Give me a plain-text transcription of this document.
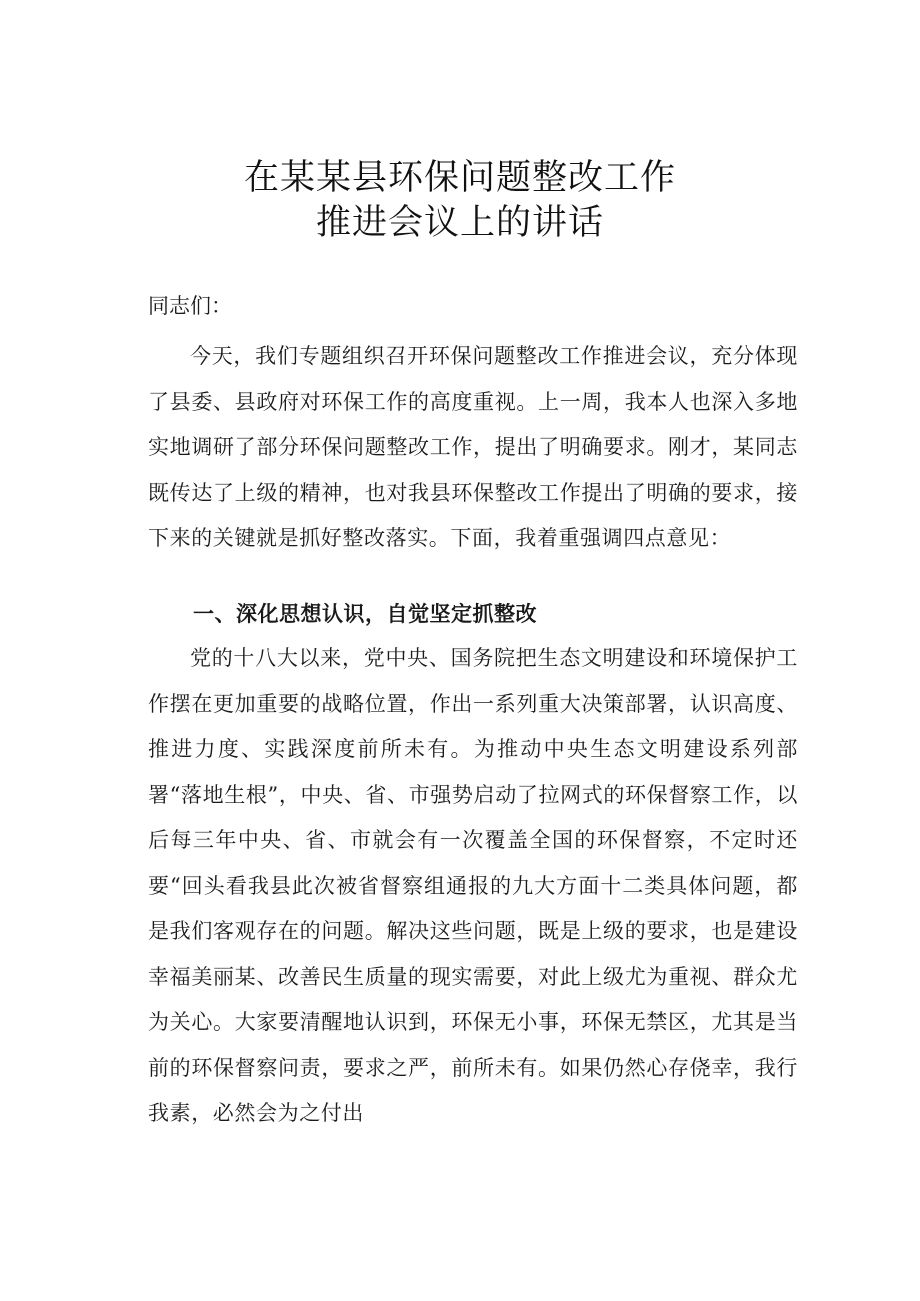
在某某县环保问题整改工作
推进会议上的讲话
同志们：

今天，我们专题组织召开环保问题整改工作推进会议，充分体现了县委、县政府对环保工作的高度重视。上一周，我本人也深入多地实地调研了部分环保问题整改工作，提出了明确要求。刚才，某同志既传达了上级的精神，也对我县环保整改工作提出了明确的要求，接下来的关键就是抓好整改落实。下面，我着重强调四点意见：

一、深化思想认识，自觉坚定抓整改

党的十八大以来，党中央、国务院把生态文明建设和环境保护工作摆在更加重要的战略位置，作出一系列重大决策部署，认识高度、推进力度、实践深度前所未有。为推动中央生态文明建设系列部署“落地生根”，中央、省、市强势启动了拉网式的环保督察工作，以后每三年中央、省、市就会有一次覆盖全国的环保督察，不定时还要“回头看我县此次被省督察组通报的九大方面十二类具体问题，都是我们客观存在的问题。解决这些问题，既是上级的要求，也是建设幸福美丽某、改善民生质量的现实需要，对此上级尤为重视、群众尤为关心。大家要清醒地认识到，环保无小事，环保无禁区，尤其是当前的环保督察问责，要求之严，前所未有。如果仍然心存侥幸，我行我素，必然会为之付出
